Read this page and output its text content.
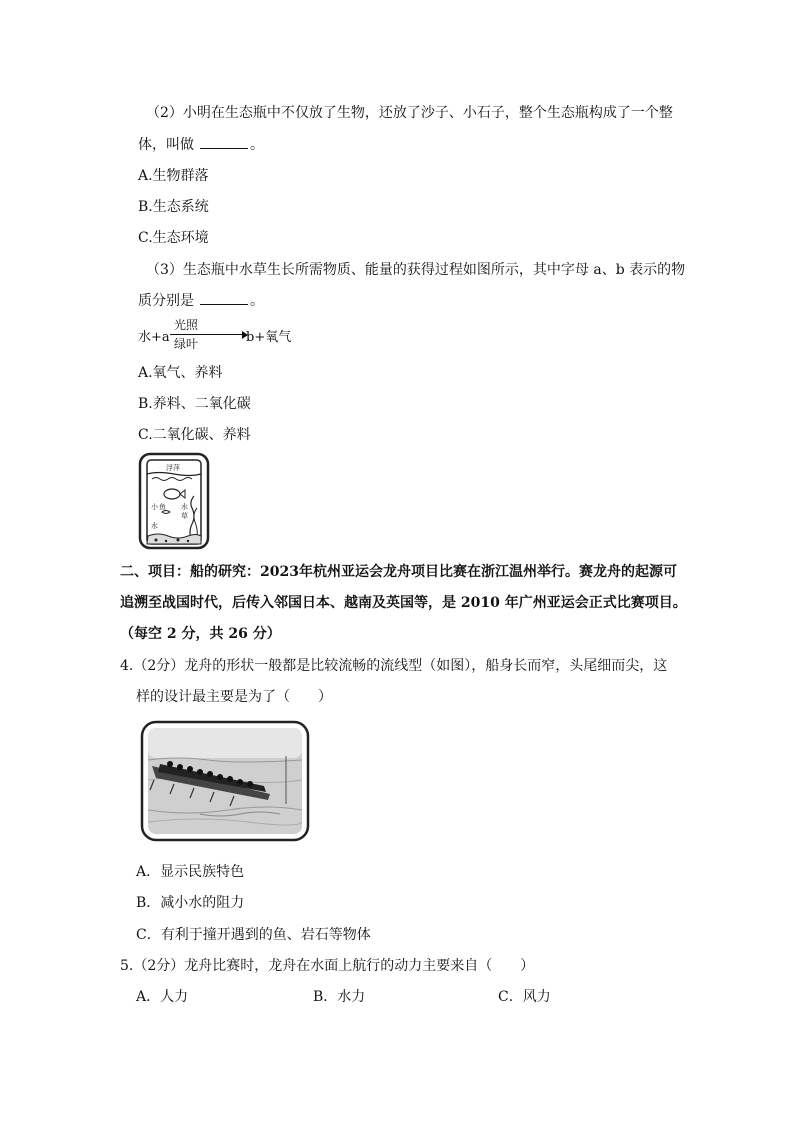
（2）小明在生态瓶中不仅放了生物，还放了沙子、小石子，整个生态瓶构成了一个整
体，叫做	。
A.生物群落
B.生态系统
C.生态环境
（3）生态瓶中水草生长所需物质、能量的获得过程如图所示，其中字母 a、b 表示的物
质分别是	。
水+a
光照
绿叶	b+氧气
A.氧气、养料
B.养料、二氧化碳
C.二氧化碳、养料
浮萍
小 鱼
水
水
草
二、项目：船的研究：2023年杭州亚运会龙舟项目比赛在浙江温州举行。赛龙舟的起源可
追溯至战国时代，后传入邻国日本、越南及英国等，是 2010 年广州亚运会正式比赛项目。
（每空 2 分，共 26 分）
4.（2分）龙舟的形状一般都是比较流畅的流线型（如图），船身长而窄，头尾细而尖，这
样的设计最主要是为了（　　）
A．显示民族特色
B．减小水的阻力
C．有利于撞开遇到的鱼、岩石等物体
5.（2分）龙舟比赛时，龙舟在水面上航行的动力主要来自（　　）
A．人力	B．水力	C．风力
